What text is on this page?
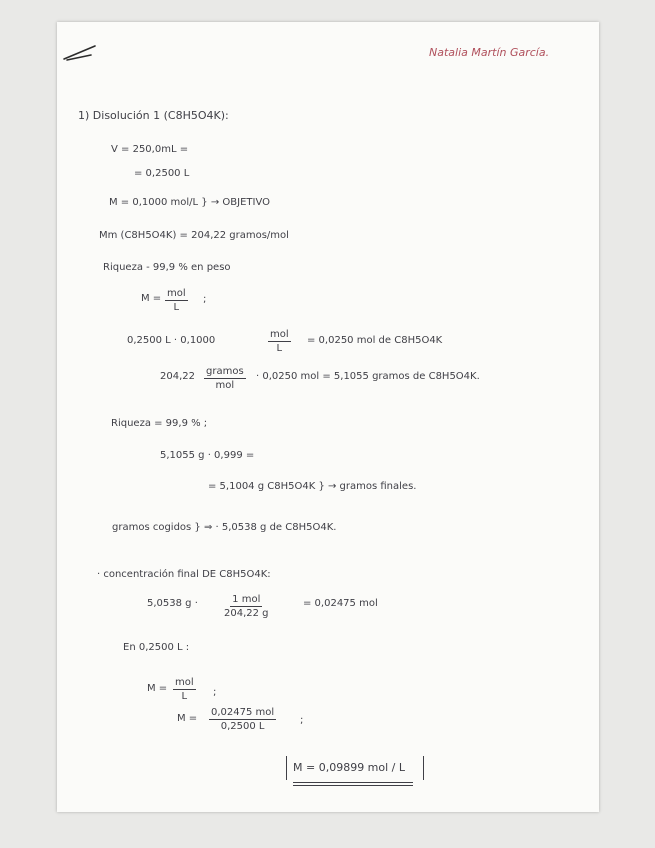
Natalia Martín García.
1) Disolución 1 (C8H5O4K):
V = 250,0mL =
= 0,2500 L
M = 0,1000 mol/L } → OBJETIVO
Mm (C8H5O4K) = 204,22 gramos/mol
Riqueza - 99,9 % en peso
M = mol
L
;
0,2500 L · 0,1000
mol
L
= 0,0250 mol de C8H5O4K
204,22 gramos
mol
· 0,0250 mol = 5,1055 gramos de C8H5O4K.
Riqueza = 99,9 % ;
5,1055 g · 0,999 =
= 5,1004 g C8H5O4K } → gramos finales.
gramos cogidos } ⇒ · 5,0538 g de C8H5O4K.
· concentración final DE C8H5O4K:
5,0538 g ·	1 mol
204,22 g
= 0,02475 mol
En 0,2500 L :
M =
mol
L	;
M =
0,02475 mol
0,2500 L
;
M = 0,09899 mol / L
